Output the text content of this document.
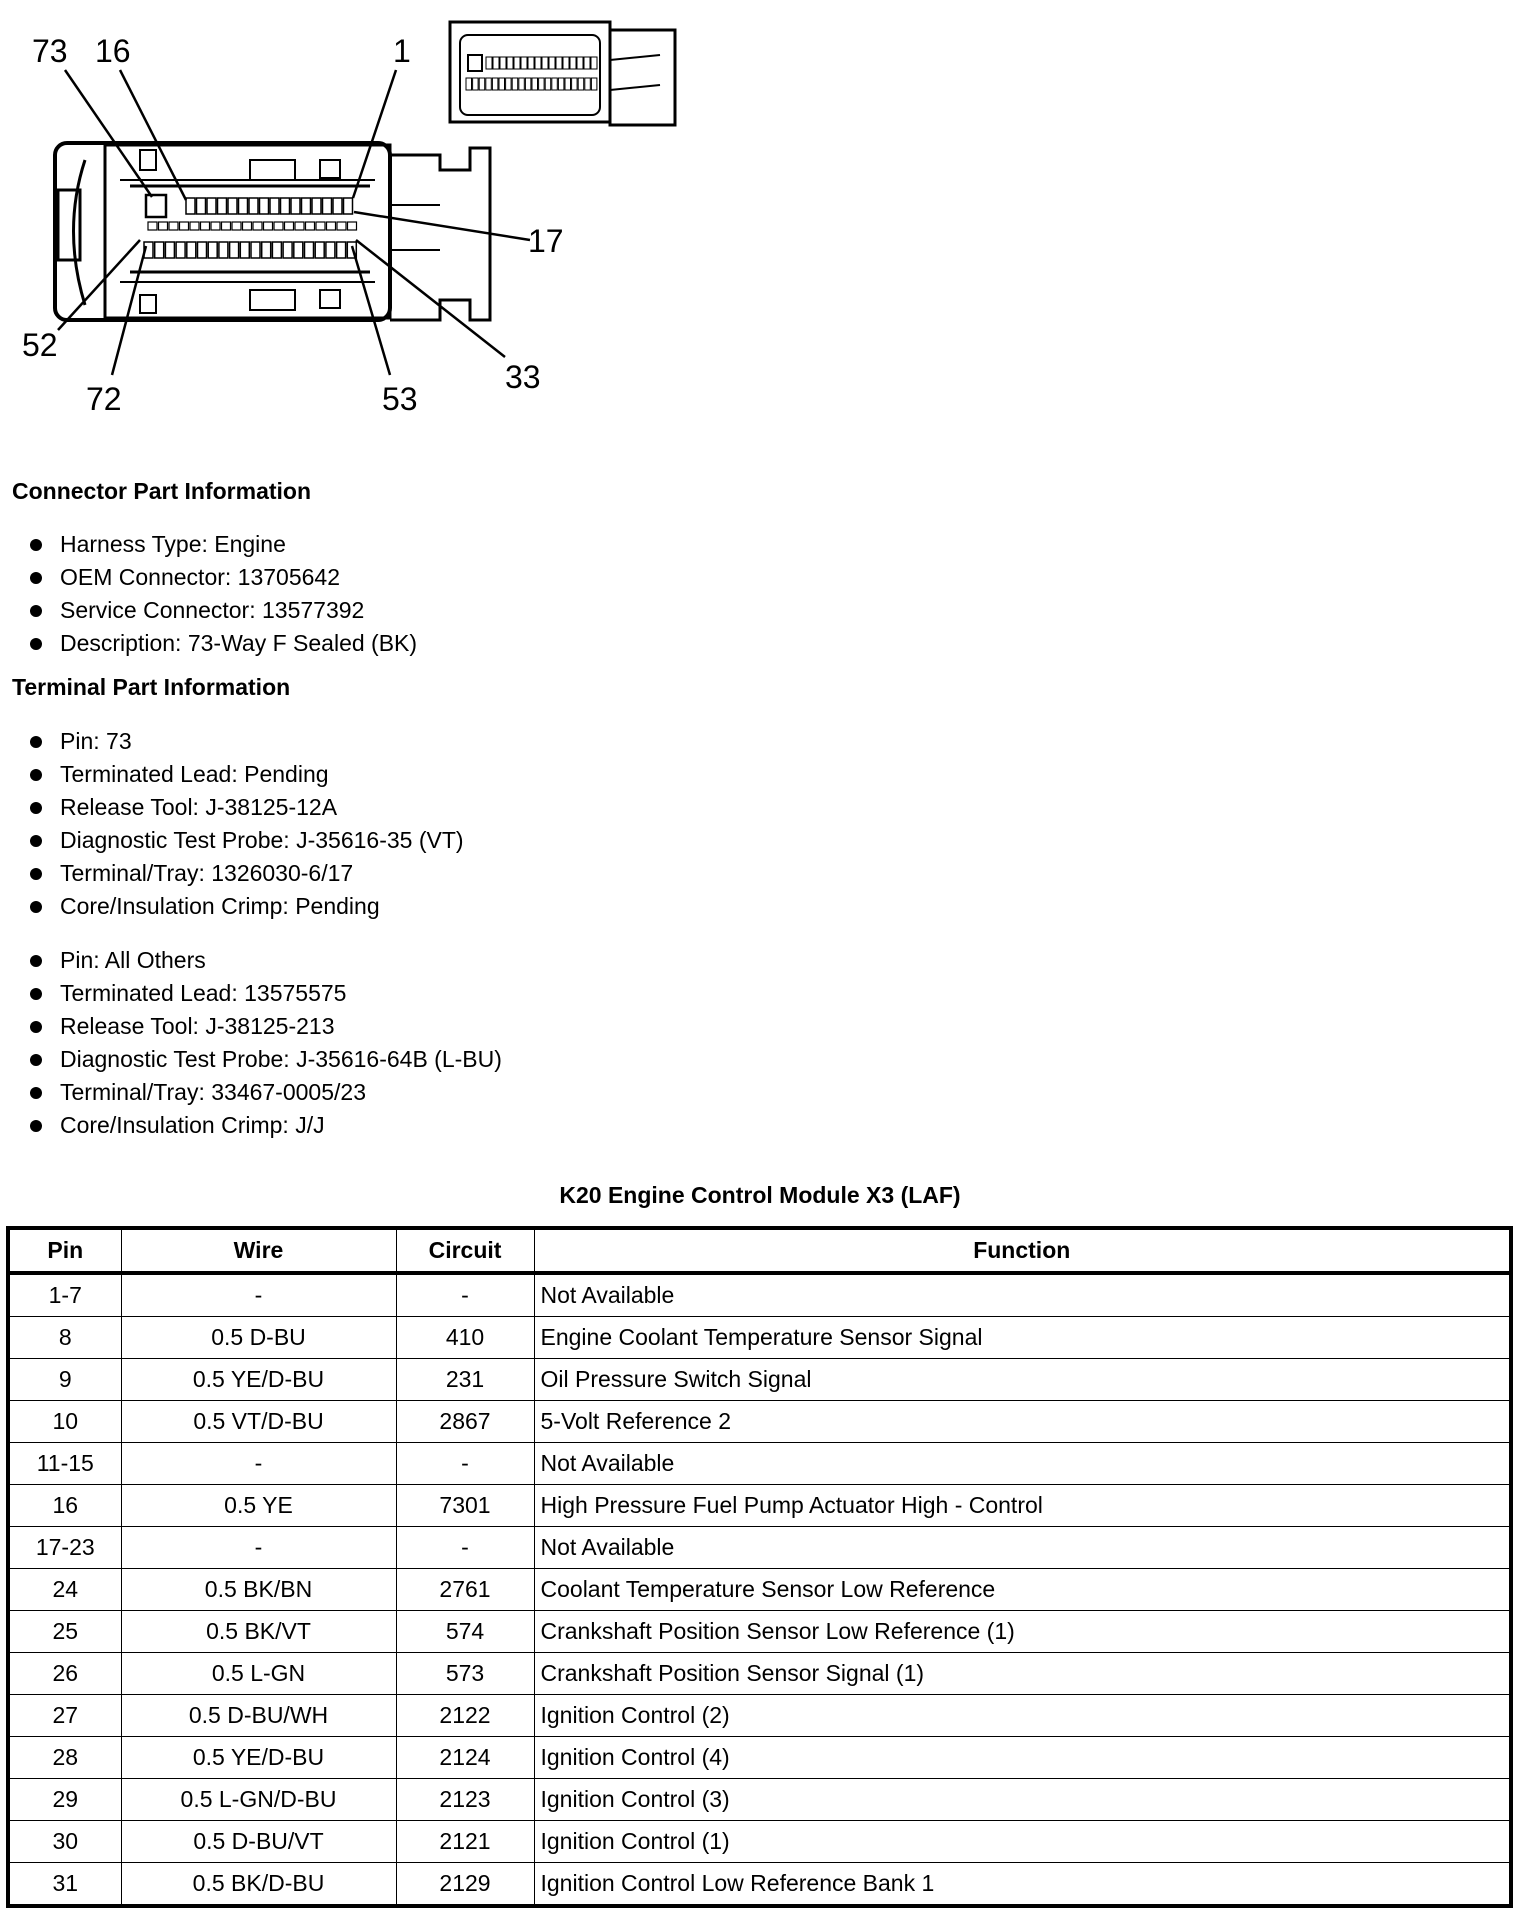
73 16	1
17
52
72	53
33
Connector Part Information
Harness Type: Engine
OEM Connector: 13705642
Service Connector: 13577392
Description: 73-Way F Sealed (BK)
Terminal Part Information
Pin: 73
Terminated Lead: Pending
Release Tool: J-38125-12A
Diagnostic Test Probe: J-35616-35 (VT)
Terminal/Tray: 1326030-6/17
Core/Insulation Crimp: Pending
Pin: All Others
Terminated Lead: 13575575
Release Tool: J-38125-213
Diagnostic Test Probe: J-35616-64B (L-BU)
Terminal/Tray: 33467-0005/23
Core/Insulation Crimp: J/J
K20 Engine Control Module X3 (LAF)
Pin	Wire	Circuit	Function
1-7	-	-	Not Available
8	0.5 D-BU	410	Engine Coolant Temperature Sensor Signal
9	0.5 YE/D-BU	231	Oil Pressure Switch Signal
10	0.5 VT/D-BU	2867	5-Volt Reference 2
11-15	-	-	Not Available
16	0.5 YE	7301	High Pressure Fuel Pump Actuator High - Control
17-23	-	-	Not Available
24	0.5 BK/BN	2761	Coolant Temperature Sensor Low Reference
25	0.5 BK/VT	574	Crankshaft Position Sensor Low Reference (1)
26	0.5 L-GN	573	Crankshaft Position Sensor Signal (1)
27	0.5 D-BU/WH	2122	Ignition Control (2)
28	0.5 YE/D-BU	2124	Ignition Control (4)
29	0.5 L-GN/D-BU	2123	Ignition Control (3)
30	0.5 D-BU/VT	2121	Ignition Control (1)
31	0.5 BK/D-BU	2129	Ignition Control Low Reference Bank 1
